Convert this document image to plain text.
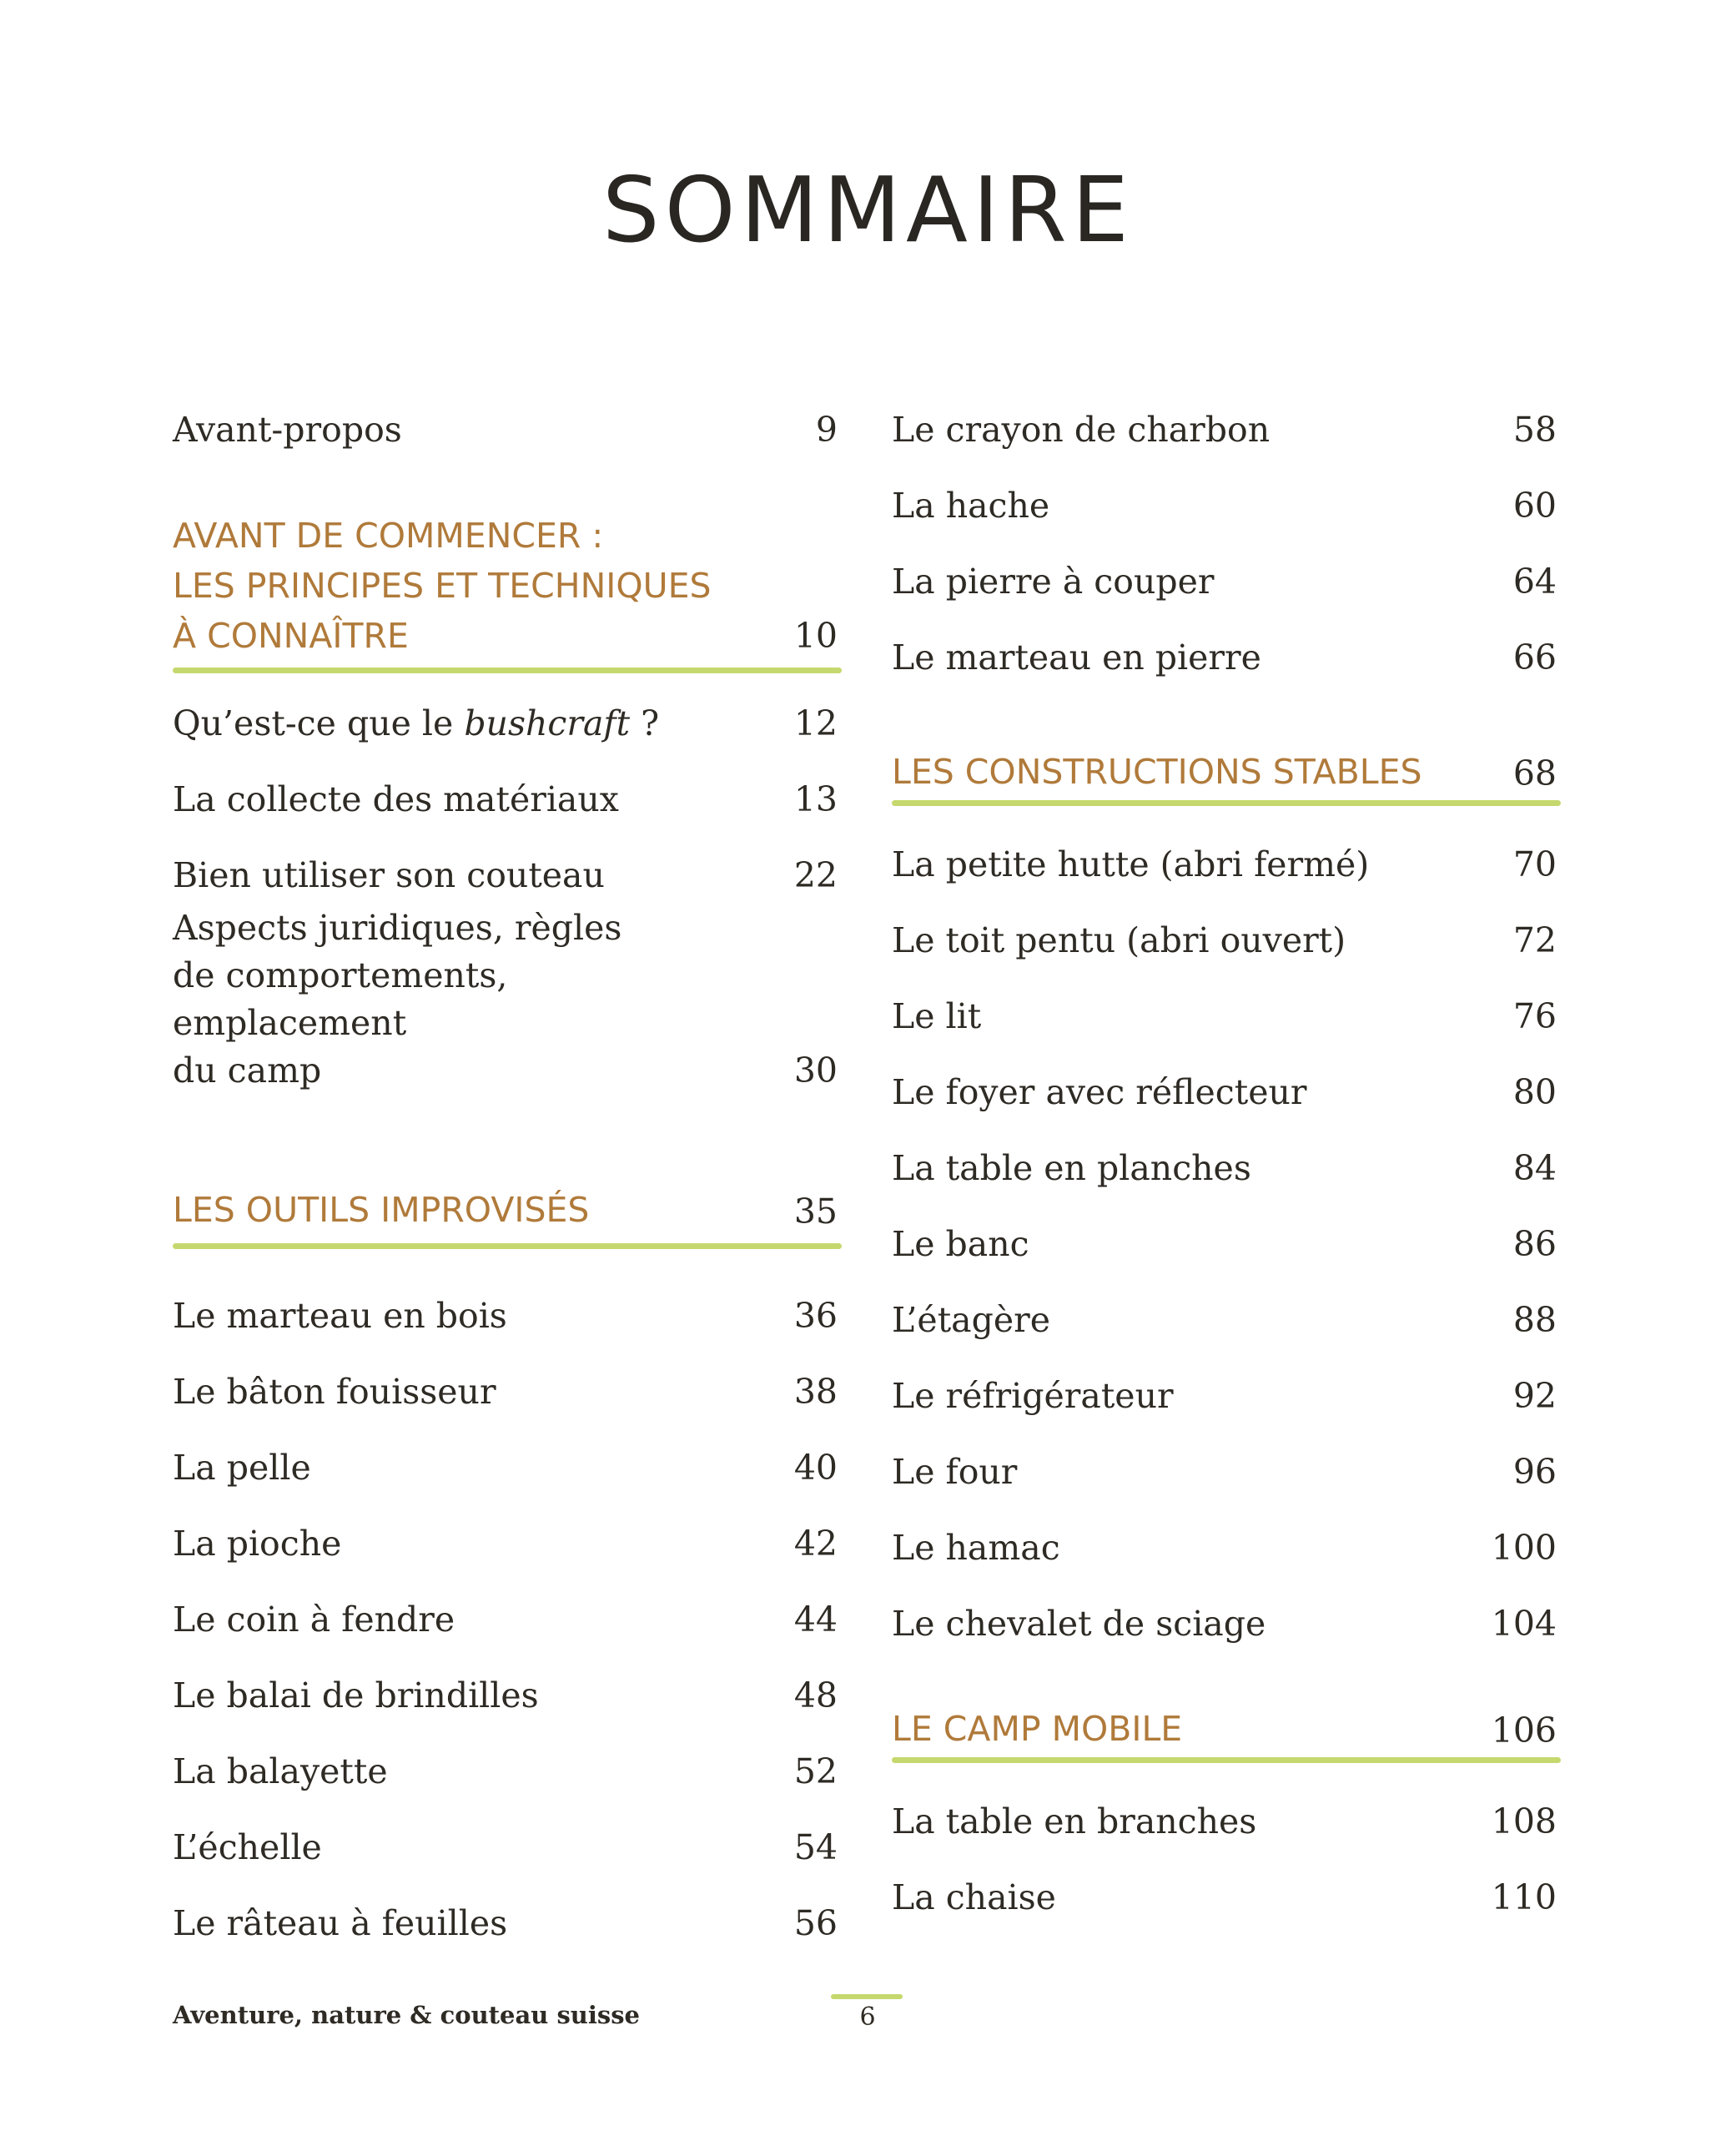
SOMMAIRE
Avant-propos	9
AVANT DE COMMENCER :
LES PRINCIPES ET TECHNIQUES
À CONNAÎTRE	10
Qu’est-ce que le bushcraft ?	12
La collecte des matériaux	13
Bien utiliser son couteau	22
Aspects juridiques, règles
de comportements, emplacement
du camp	30
LES OUTILS IMPROVISÉS	35
Le marteau en bois	36
Le bâton fouisseur	38
La pelle	40
La pioche	42
Le coin à fendre	44
Le balai de brindilles	48
La balayette	52
L’échelle	54
Le râteau à feuilles	56
Le crayon de charbon	58
La hache	60
La pierre à couper	64
Le marteau en pierre	66
LES CONSTRUCTIONS STABLES	68
La petite hutte (abri fermé)	70
Le toit pentu (abri ouvert)	72
Le lit	76
Le foyer avec réflecteur	80
La table en planches	84
Le banc	86
L’étagère	88
Le réfrigérateur	92
Le four	96
Le hamac	100
Le chevalet de sciage	104
LE CAMP MOBILE	106
La table en branches	108
La chaise	110
Aventure, nature & couteau suisse	6
